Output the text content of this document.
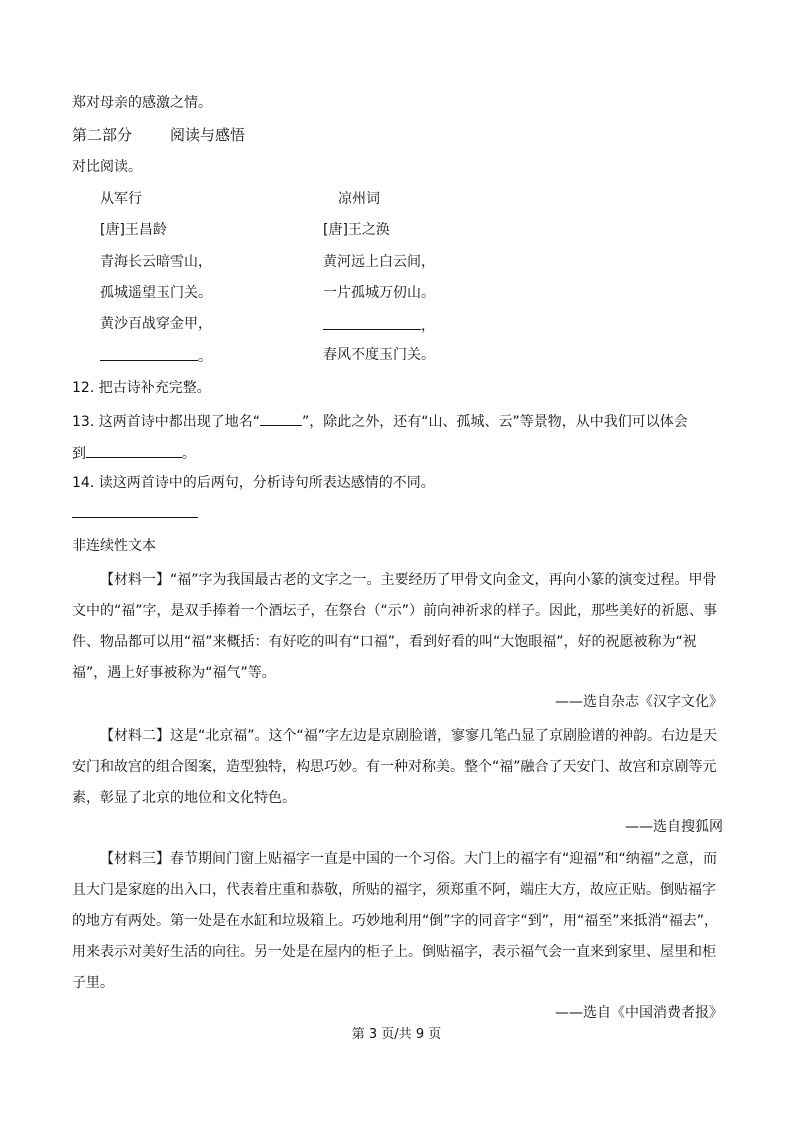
郑对母亲的感激之情。
第二部分	阅读与感悟
对比阅读。
从军行
[唐]王昌龄
青海长云暗雪山，
孤城遥望玉门关。
黄沙百战穿金甲，
。
凉州词
[唐]王之涣
黄河远上白云间，
一片孤城万仞山。
，
春风不度玉门关。
12. 把古诗补充完整。
13. 这两首诗中都出现了地名“	”，除此之外，还有“山、孤城、云”等景物，从中我们可以体会
到	。
14. 读这两首诗中的后两句，分析诗句所表达感情的不同。
非连续性文本
【材料一】“福”字为我国最古老的文字之一。主要经历了甲骨文向金文，再向小篆的演变过程。甲骨文中的“福”字，是双手捧着一个酒坛子，在祭台（“示”）前向神祈求的样子。因此，那些美好的祈愿、事件、物品都可以用“福”来概括：有好吃的叫有“口福”，看到好看的叫“大饱眼福”，好的祝愿被称为“祝福”，遇上好事被称为“福气”等。
——选自杂志《汉字文化》
【材料二】这是“北京福”。这个“福”字左边是京剧脸谱，寥寥几笔凸显了京剧脸谱的神韵。右边是天安门和故宫的组合图案，造型独特，构思巧妙。有一种对称美。整个“福”融合了天安门、故宫和京剧等元素，彰显了北京的地位和文化特色。
——选自搜狐网
【材料三】春节期间门窗上贴福字一直是中国的一个习俗。大门上的福字有“迎福”和“纳福”之意，而且大门是家庭的出入口，代表着庄重和恭敬，所贴的福字，须郑重不阿，端庄大方，故应正贴。倒贴福字的地方有两处。第一处是在水缸和垃圾箱上。巧妙地利用“倒”字的同音字“到”，用“福至”来抵消“福去”，用来表示对美好生活的向往。另一处是在屋内的柜子上。倒贴福字，表示福气会一直来到家里、屋里和柜子里。
——选自《中国消费者报》
第 3 页/共 9 页
